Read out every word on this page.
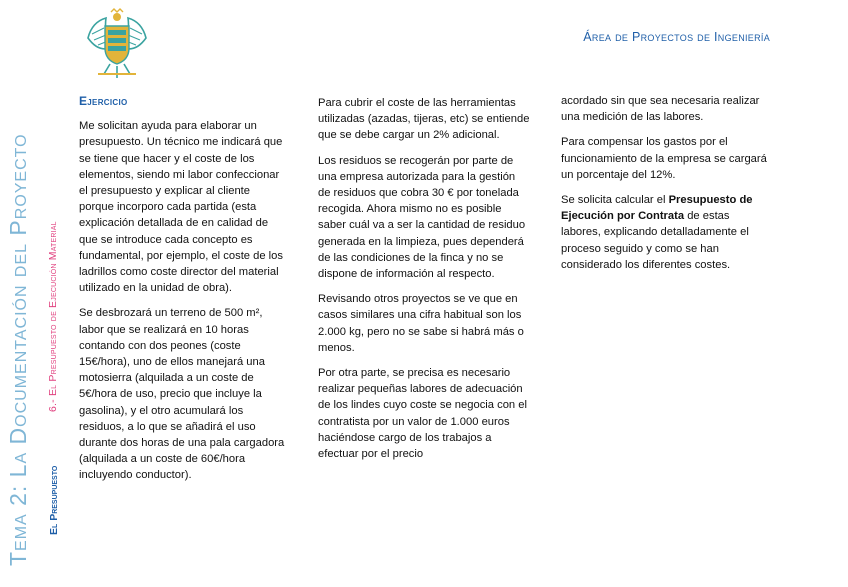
Área de Proyectos de Ingeniería
Tema 2: La Documentación del Proyecto 6.- El Presupuesto de Ejecución Material
El Presupuesto
Ejercicio

Me solicitan ayuda para elaborar un presupuesto. Un técnico me indicará que se tiene que hacer y el coste de los elementos, siendo mi labor confeccionar el presupuesto y explicar al cliente porque incorporo cada partida (esta explicación detallada de en calidad de que se introduce cada concepto es fundamental, por ejemplo, el coste de los ladrillos como coste director del material utilizado en la unidad de obra).

Se desbrozará un terreno de 500 m², labor que se realizará en 10 horas contando con dos peones (coste 15€/hora), uno de ellos manejará una motosierra (alquilada a un coste de 5€/hora de uso, precio que incluye la gasolina), y el otro acumulará los residuos, a lo que se añadirá el uso durante dos horas de una pala cargadora (alquilada a un coste de 60€/hora incluyendo conductor).

Para cubrir el coste de las herramientas utilizadas (azadas, tijeras, etc) se entiende que se debe cargar un 2% adicional.

Los residuos se recogerán por parte de una empresa autorizada para la gestión de residuos que cobra 30 € por tonelada recogida. Ahora mismo no es posible saber cuál va a ser la cantidad de residuo generada en la limpieza, pues dependerá de las condiciones de la finca y no se dispone de información al respecto.

Revisando otros proyectos se ve que en casos similares una cifra habitual son los 2.000 kg, pero no se sabe si habrá más o menos.

Por otra parte, se precisa es necesario realizar pequeñas labores de adecuación de los lindes cuyo coste se negocia con el contratista por un valor de 1.000 euros haciéndose cargo de los trabajos a efectuar por el precio

acordado sin que sea necesaria realizar una medición de las labores.

Para compensar los gastos por el funcionamiento de la empresa se cargará un porcentaje del 12%.

Se solicita calcular el Presupuesto de Ejecución por Contrata de estas labores, explicando detalladamente el proceso seguido y como se han considerado los diferentes costes.
